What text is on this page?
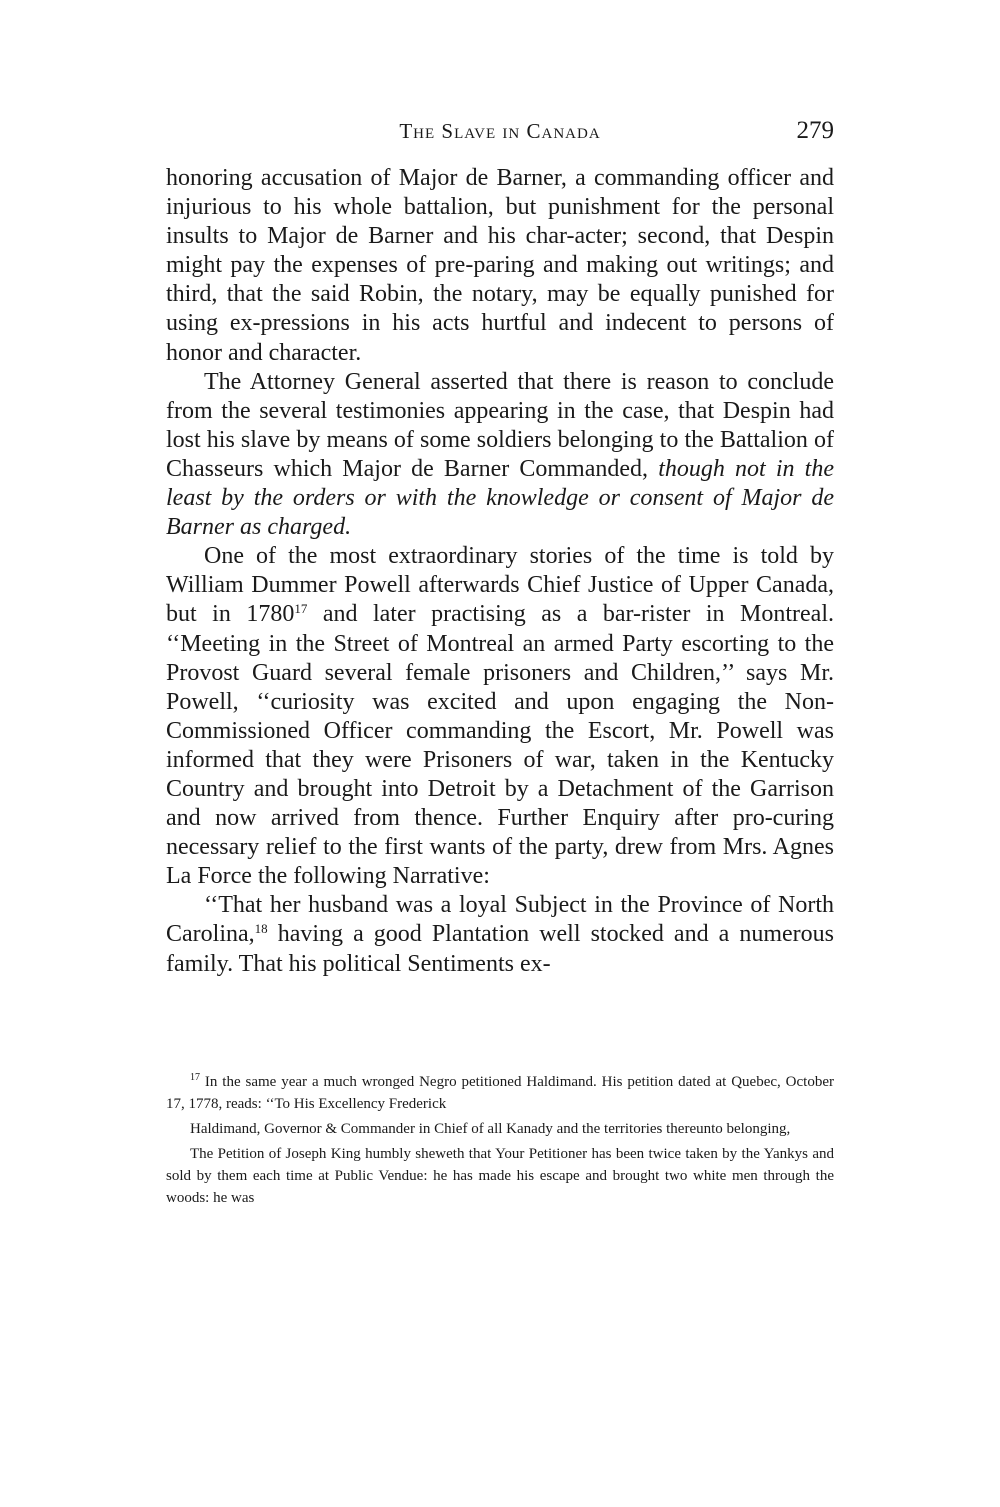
The Slave in Canada	279

honoring accusation of Major de Barner, a commanding officer and injurious to his whole battalion, but punishment for the personal insults to Major de Barner and his char-acter; second, that Despin might pay the expenses of pre-paring and making out writings; and third, that the said Robin, the notary, may be equally punished for using ex-pressions in his acts hurtful and indecent to persons of honor and character.

The Attorney General asserted that there is reason to conclude from the several testimonies appearing in the case, that Despin had lost his slave by means of some soldiers belonging to the Battalion of Chasseurs which Major de Barner Commanded, though not in the least by the orders or with the knowledge or consent of Major de Barner as charged.

One of the most extraordinary stories of the time is told by William Dummer Powell afterwards Chief Justice of Upper Canada, but in 1780$^{17}$ and later practising as a bar-rister in Montreal. ‘‘Meeting in the Street of Montreal an armed Party escorting to the Provost Guard several female prisoners and Children,’’ says Mr. Powell, ‘‘curiosity was excited and upon engaging the Non-Commissioned Officer commanding the Escort, Mr. Powell was informed that they were Prisoners of war, taken in the Kentucky Country and brought into Detroit by a Detachment of the Garrison and now arrived from thence. Further Enquiry after pro-curing necessary relief to the first wants of the party, drew from Mrs. Agnes La Force the following Narrative:

‘‘That her husband was a loyal Subject in the Province of North Carolina,$^{18}$ having a good Plantation well stocked and a numerous family. That his political Sentiments ex-

$^{17}$ In the same year a much wronged Negro petitioned Haldimand. His petition dated at Quebec, October 17, 1778, reads: ‘‘To His Excellency Frederick

Haldimand, Governor & Commander in Chief of all Kanady and the territories thereunto belonging,

The Petition of Joseph King humbly sheweth that Your Petitioner has been twice taken by the Yankys and sold by them each time at Public Vendue: he has made his escape and brought two white men through the woods: he was
